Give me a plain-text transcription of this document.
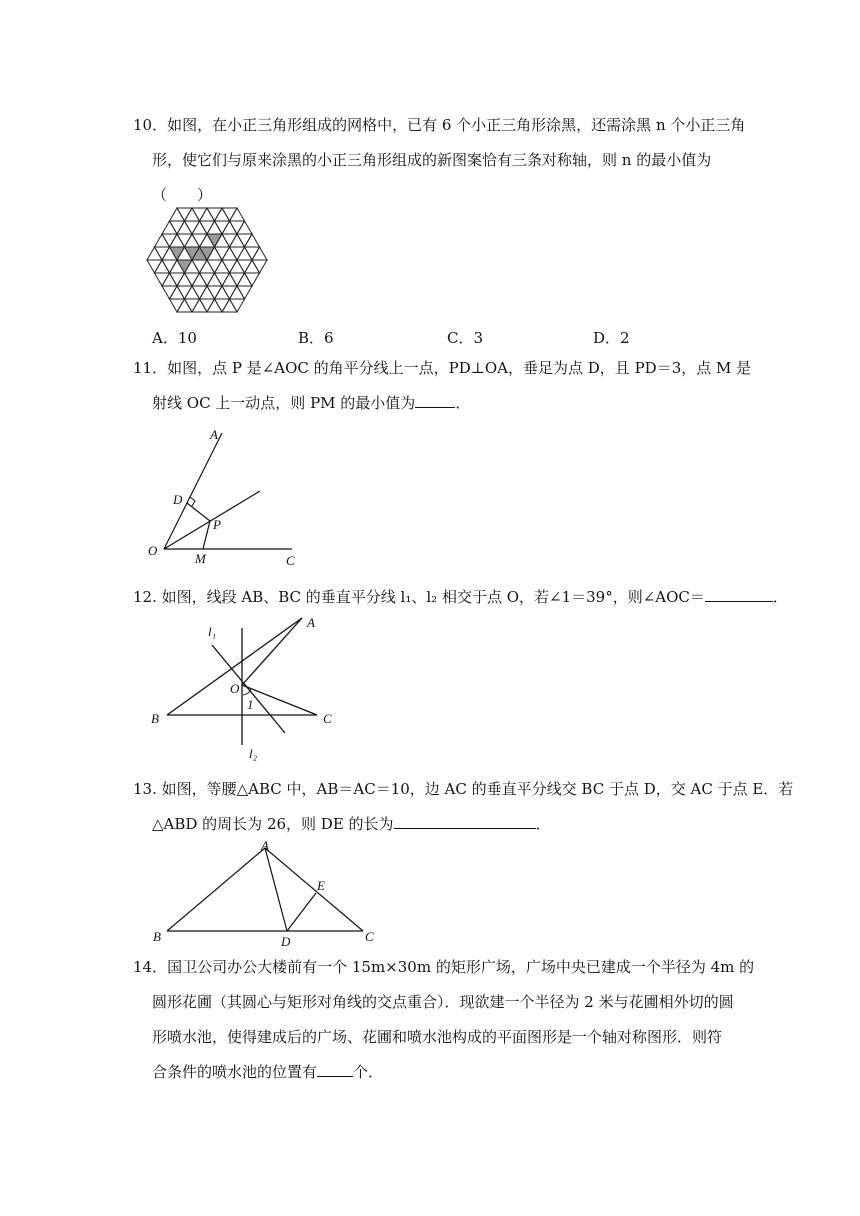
10．如图，在小正三角形组成的网格中，已有 6 个小正三角形涂黑，还需涂黑 n 个小正三角
形，使它们与原来涂黑的小正三角形组成的新图案恰有三条对称轴，则 n 的最小值为
（　　）
A．10	B．6	C．3	D．2
11．如图，点 P 是∠AOC 的角平分线上一点，PD⊥OA，垂足为点 D，且 PD＝3，点 M 是
射线 OC 上一动点，则 PM 的最小值为	．
A
D
P
O
M	C
12. 如图，线段 AB、BC 的垂直平分线 l₁、l₂ 相交于点 O，若∠1＝39°，则∠AOC＝	．
A
B	C
O
1
l₁
l₂
13. 如图，等腰△ABC 中，AB＝AC＝10，边 AC 的垂直平分线交 BC 于点 D，交 AC 于点 E．若
△ABD 的周长为 26，则 DE 的长为	．
A
B	C
D
E
14．国卫公司办公大楼前有一个 15m×30m 的矩形广场，广场中央已建成一个半径为 4m 的
圆形花圃（其圆心与矩形对角线的交点重合）．现欲建一个半径为 2 米与花圃相外切的圆
形喷水池，使得建成后的广场、花圃和喷水池构成的平面图形是一个轴对称图形．则符
合条件的喷水池的位置有 个．
